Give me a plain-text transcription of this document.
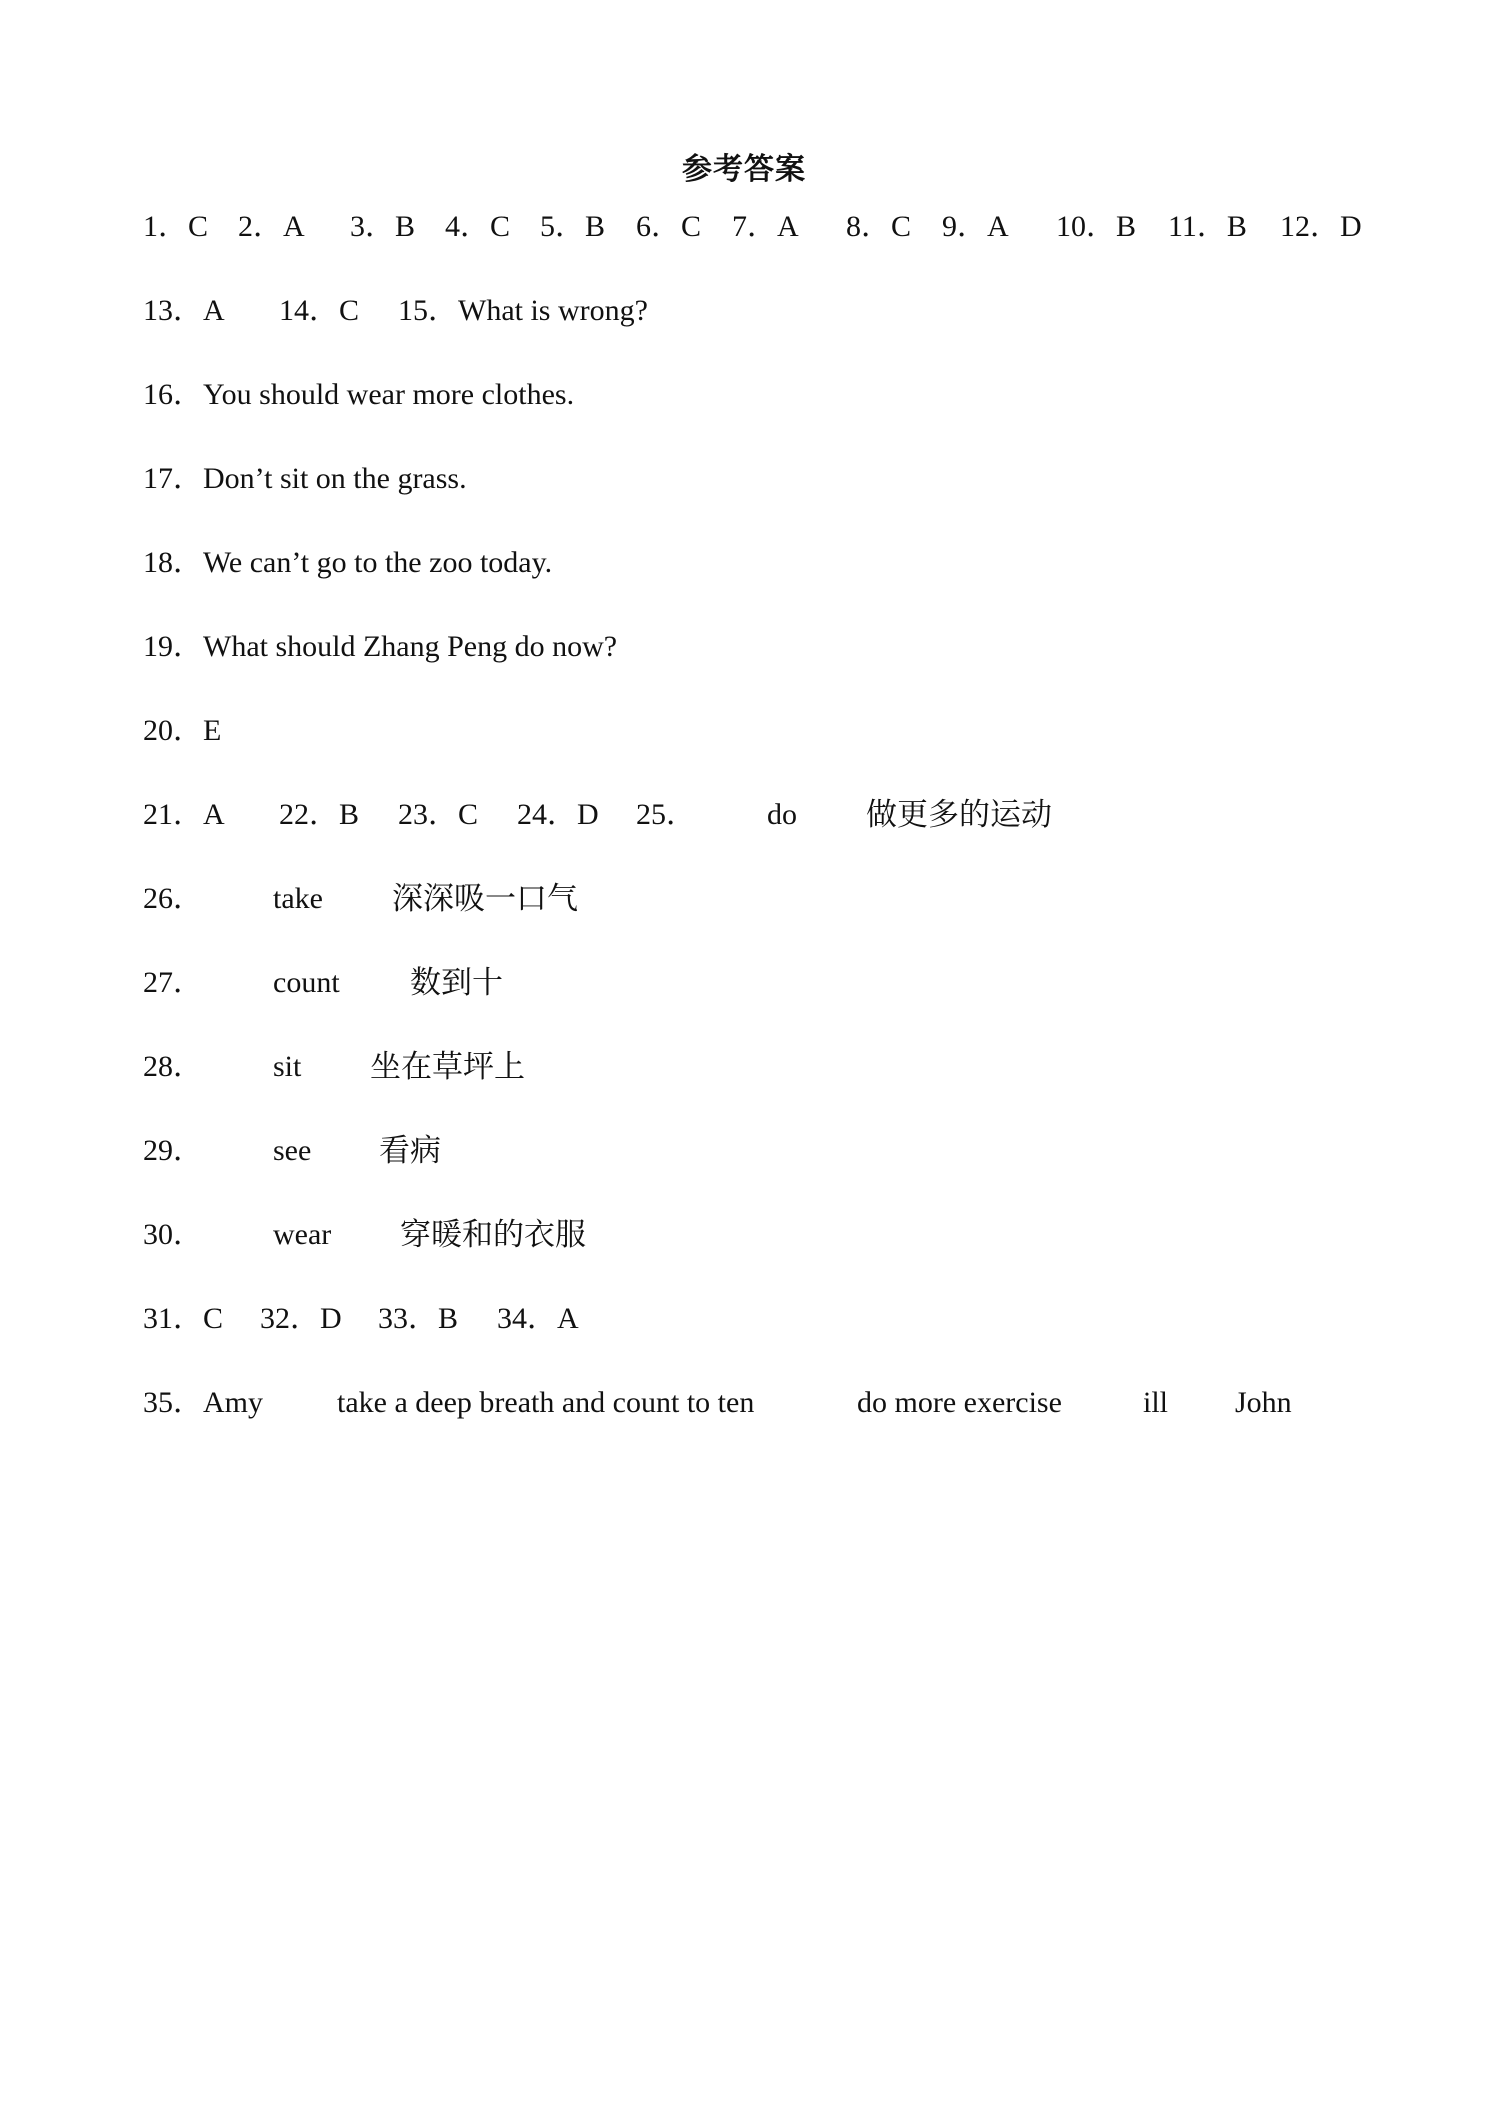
参考答案

1．C

2．A

3．B

4．C

5．B

6．C

7．A

8．C

9．A

10．B

11．B

12．D

13．A

14．C

15．What is wrong?

16．You should wear more clothes.
17．Don’t sit on the grass.
18．We can’t go to the zoo today.
19．What should Zhang Peng do now?
20．E

21．A

22．B

23．C

24．D

25．

do

做更多的运动

26．

take

深深吸一口气

27．

count

数到十

28．

sit

坐在草坪上

29．

see

看病

30．

wear

穿暖和的衣服

31．C

32．D

33．B

34．A

35．Amy

take a deep breath and count to ten

	do more exercise

	ill

John
